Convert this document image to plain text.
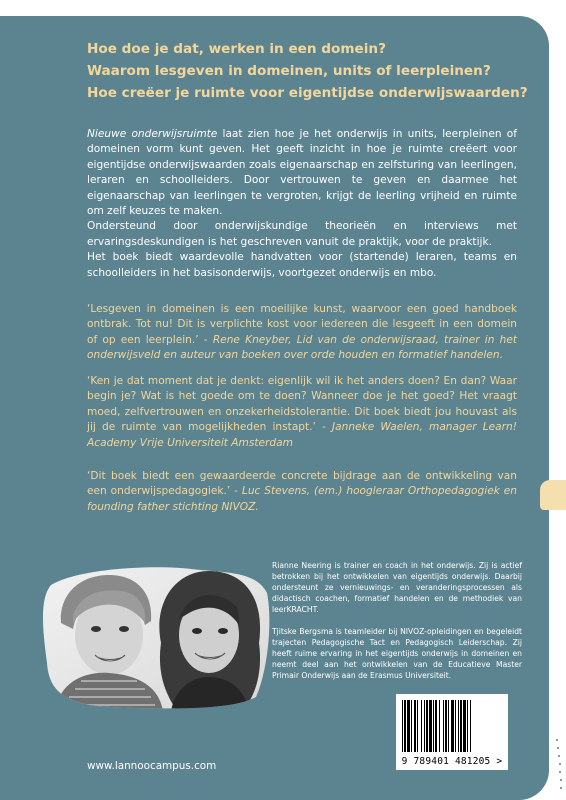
Hoe doe je dat, werken in een domein?
Waarom lesgeven in domeinen, units of leerpleinen?
Hoe creëer je ruimte voor eigentijdse onderwijswaarden?

Nieuwe onderwijsruimte laat zien hoe je het onderwijs in units, leerpleinen of domeinen vorm kunt geven. Het geeft inzicht in hoe je ruimte creëert voor eigentijdse onderwijswaarden zoals eigenaarschap en zelfsturing van leerlingen, leraren en schoolleiders. Door vertrouwen te geven en daarmee het eigenaarschap van leerlingen te vergroten, krijgt de leerling vrijheid en ruimte om zelf keuzes te maken.

Ondersteund door onderwijskundige theorieën en interviews met ervaringsdeskundigen is het geschreven vanuit de praktijk, voor de praktijk.

Het boek biedt waardevolle handvatten voor (startende) leraren, teams en schoolleiders in het basisonderwijs, voortgezet onderwijs en mbo.

‘Lesgeven in domeinen is een moeilijke kunst, waarvoor een goed handboek ontbrak. Tot nu! Dit is verplichte kost voor iedereen die lesgeeft in een domein of op een leerplein.’ - Rene Kneyber, Lid van de onderwijsraad, trainer in het onderwijsveld en auteur van boeken over orde houden en formatief handelen.

‘Ken je dat moment dat je denkt: eigenlijk wil ik het anders doen? En dan? Waar begin je? Wat is het goede om te doen? Wanneer doe je het goed? Het vraagt moed, zelfvertrouwen en onzekerheidstolerantie. Dit boek biedt jou houvast als jij de ruimte van mogelijkheden instapt.’ - Janneke Waelen, manager Learn! Academy Vrije Universiteit Amsterdam

‘Dit boek biedt een gewaardeerde concrete bijdrage aan de ontwikkeling van een onderwijspedagogiek.’ - Luc Stevens, (em.) hoogleraar Orthopedagogiek en founding father stichting NIVOZ.

Rianne Neering is trainer en coach in het onderwijs. Zij is actief betrokken bij het ontwikkelen van eigentijds onderwijs. Daarbij ondersteunt ze vernieuwings- en veranderingsprocessen als didactisch coachen, formatief handelen en de methodiek van leerKRACHT.

Tjitske Bergsma is teamleider bij NIVOZ-opleidingen en begeleidt trajecten Pedagogische Tact en Pedagogisch Leiderschap. Zij heeft ruime ervaring in het eigentijds onderwijs in domeinen en neemt deel aan het ontwikkelen van de Educatieve Master Primair Onderwijs aan de Erasmus Universiteit.

9 789401 481205 >
www.lannoocampus.com
